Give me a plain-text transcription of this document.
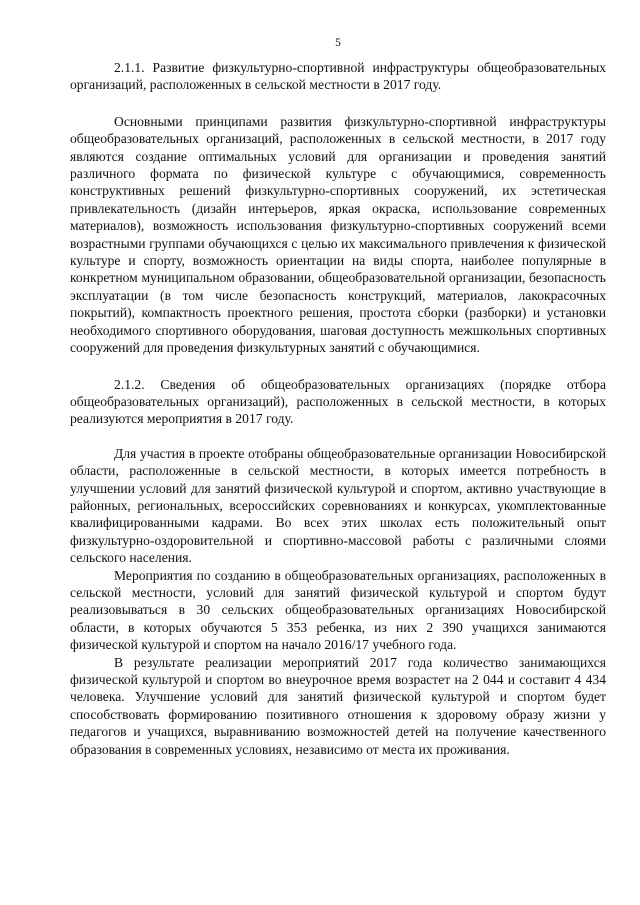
5

2.1.1. Развитие физкультурно-спортивной инфраструктуры общеобразовательных организаций, расположенных в сельской местности в 2017 году.

Основными принципами развития физкультурно-спортивной инфраструктуры общеобразовательных организаций, расположенных в сельской местности, в 2017 году являются создание оптимальных условий для организации и проведения занятий различного формата по физической культуре с обучающимися, современность конструктивных решений физкультурно-спортивных сооружений, их эстетическая привлекательность (дизайн интерьеров, яркая окраска, использование современных материалов), возможность использования физкультурно-спортивных сооружений всеми возрастными группами обучающихся с целью их максимального привлечения к физической культуре и спорту, возможность ориентации на виды спорта, наиболее популярные в конкретном муниципальном образовании, общеобразовательной организации, безопасность эксплуатации (в том числе безопасность конструкций, материалов, лакокрасочных покрытий), компактность проектного решения, простота сборки (разборки) и установки необходимого спортивного оборудования, шаговая доступность межшкольных спортивных сооружений для проведения физкультурных занятий с обучающимися.

2.1.2. Сведения об общеобразовательных организациях (порядке отбора общеобразовательных организаций), расположенных в сельской местности, в которых реализуются мероприятия в 2017 году.

Для участия в проекте отобраны общеобразовательные организации Новосибирской области, расположенные в сельской местности, в которых имеется потребность в улучшении условий для занятий физической культурой и спортом, активно участвующие в районных, региональных, всероссийских соревнованиях и конкурсах, укомплектованные квалифицированными кадрами. Во всех этих школах есть положительный опыт физкультурно-оздоровительной и спортивно-массовой работы с различными слоями сельского населения.

Мероприятия по созданию в общеобразовательных организациях, расположенных в сельской местности, условий для занятий физической культурой и спортом будут реализовываться в 30 сельских общеобразовательных организациях Новосибирской области, в которых обучаются 5 353 ребенка, из них 2 390 учащихся занимаются физической культурой и спортом на начало 2016/17 учебного года.

В результате реализации мероприятий 2017 года количество занимающихся физической культурой и спортом во внеурочное время возрастет на 2 044 и составит 4 434 человека. Улучшение условий для занятий физической культурой и спортом будет способствовать формированию позитивного отношения к здоровому образу жизни у педагогов и учащихся, выравниванию возможностей детей на получение качественного образования в современных условиях, независимо от места их проживания.
